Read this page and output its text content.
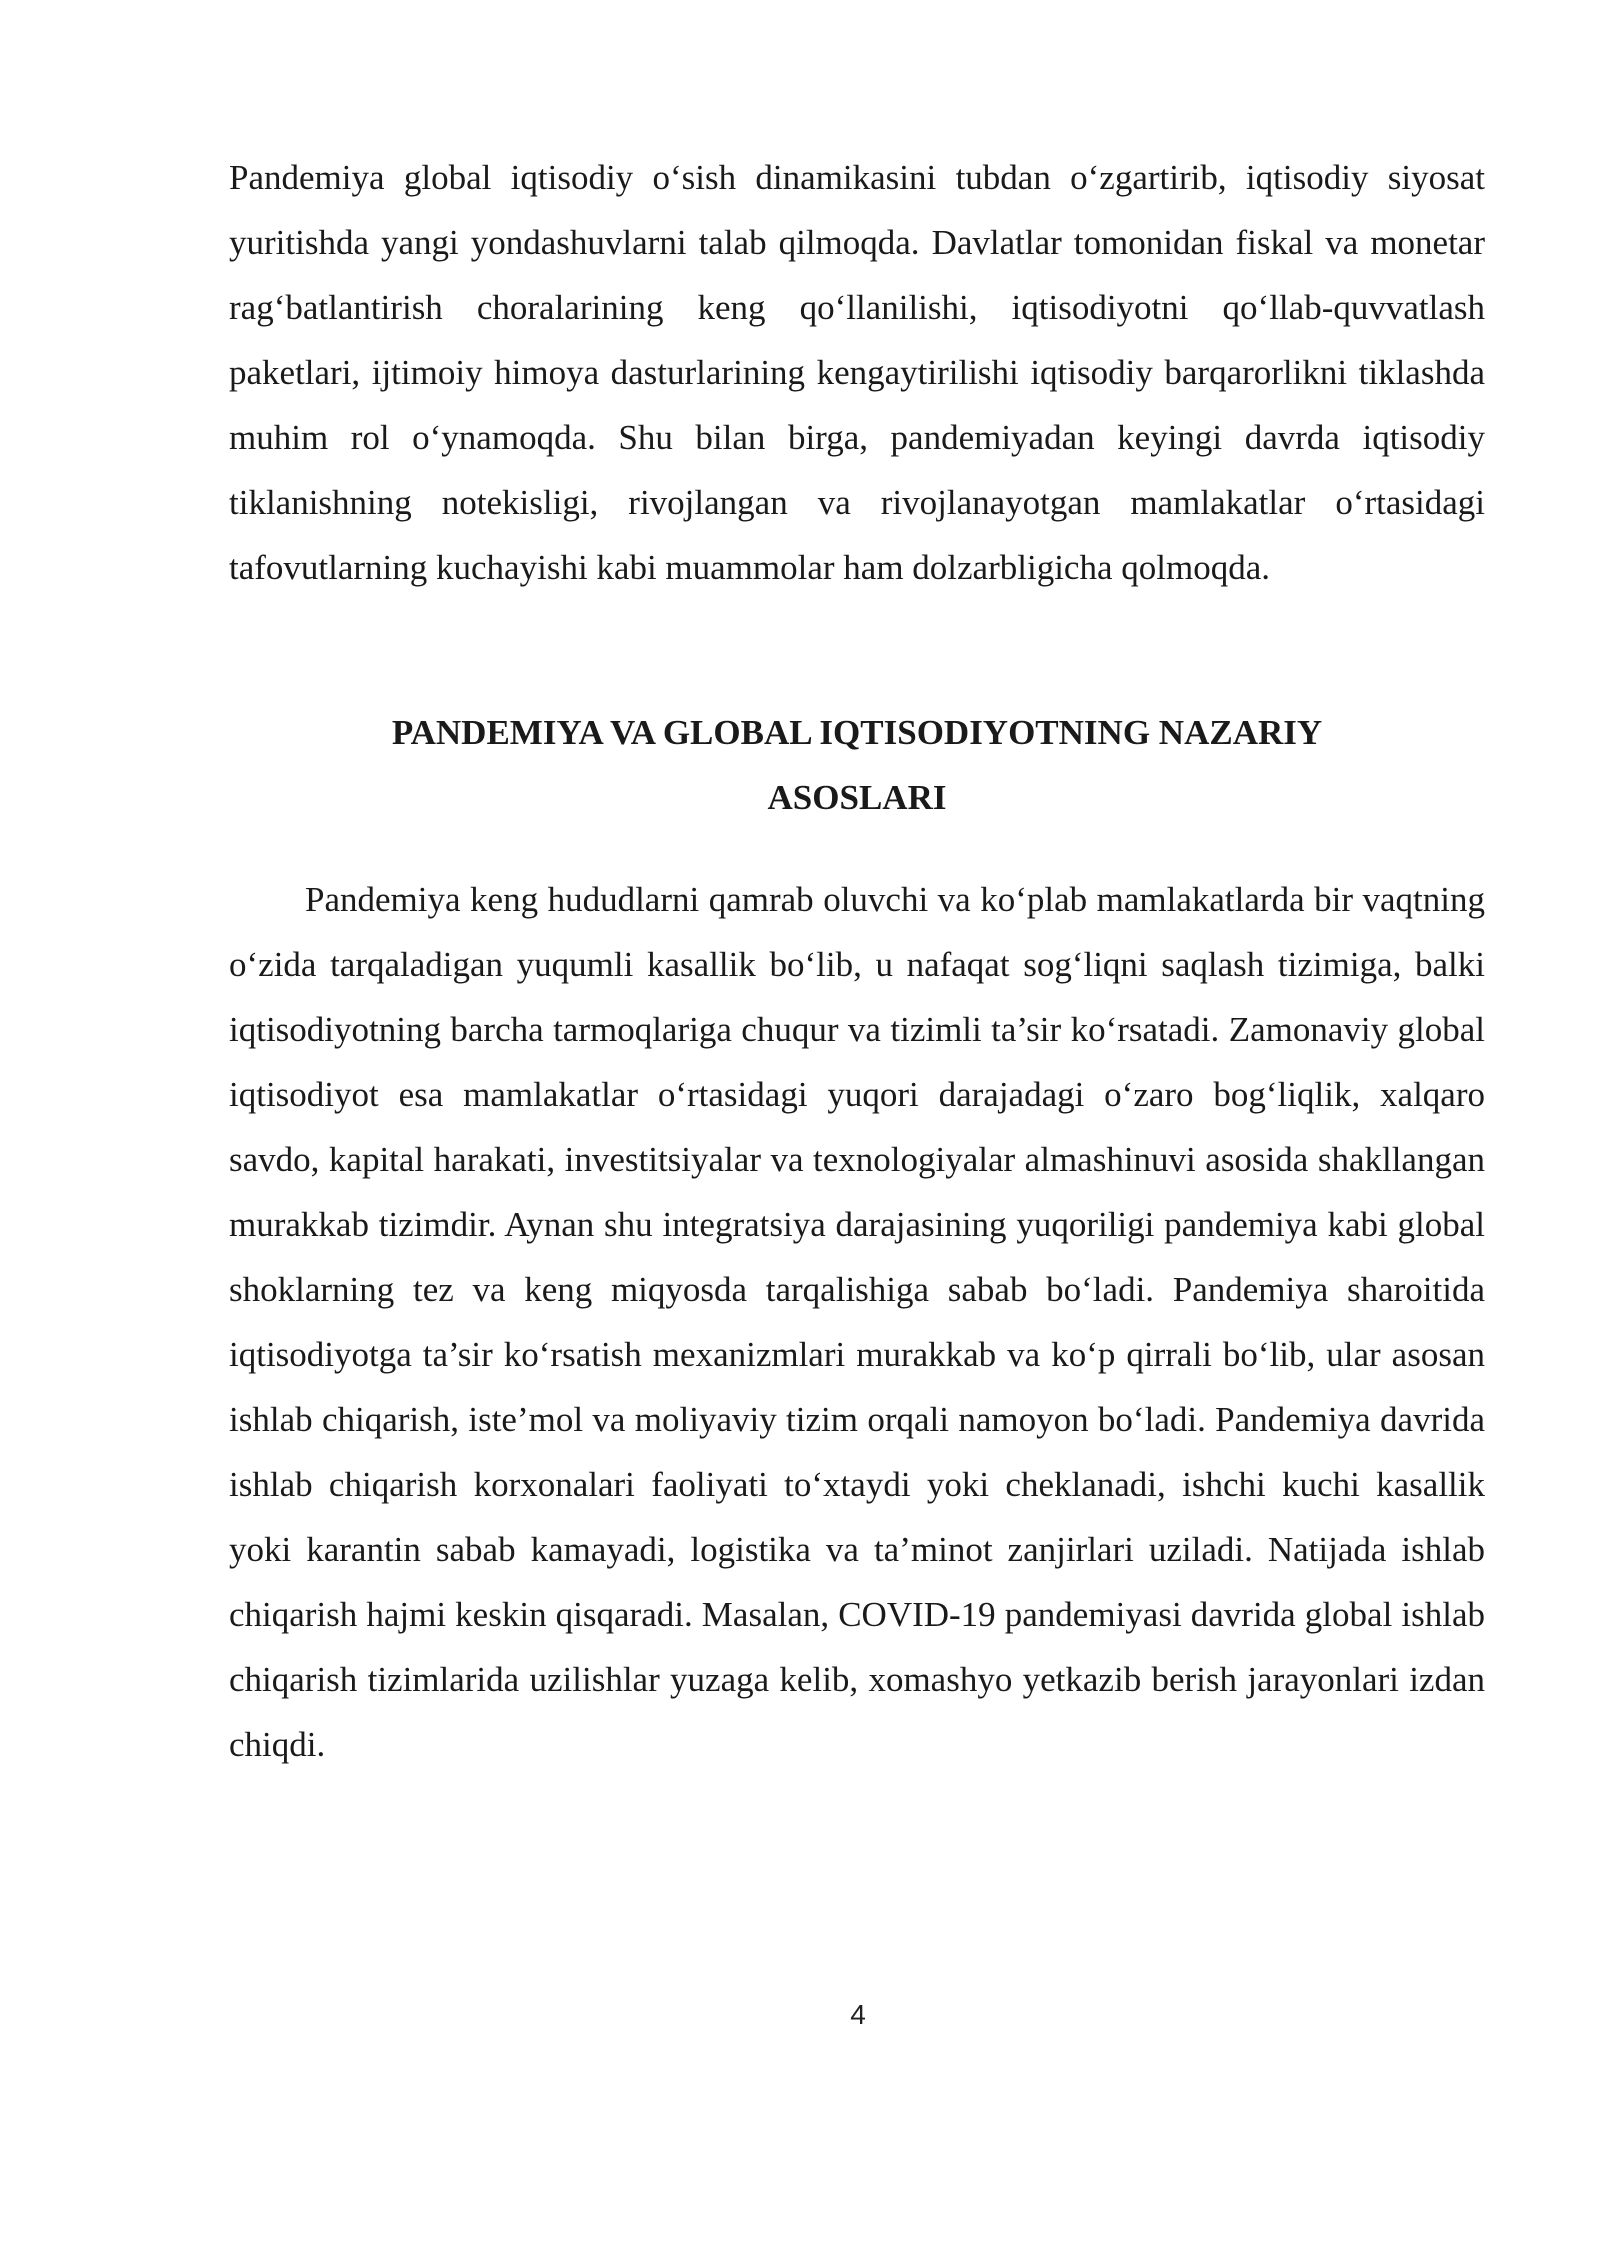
Pandemiya global iqtisodiy o‘sish dinamikasini tubdan o‘zgartirib, iqtisodiy siyosat yuritishda yangi yondashuvlarni talab qilmoqda. Davlatlar tomonidan fiskal va monetar rag‘batlantirish choralarining keng qo‘llanilishi, iqtisodiyotni qo‘llab-quvvatlash paketlari, ijtimoiy himoya dasturlarining kengaytirilishi iqtisodiy barqarorlikni tiklashda muhim rol o‘ynamoqda. Shu bilan birga, pandemiyadan keyingi davrda iqtisodiy tiklanishning notekisligi, rivojlangan va rivojlanayotgan mamlakatlar o‘rtasidagi tafovutlarning kuchayishi kabi muammolar ham dolzarbligicha qolmoqda.

PANDEMIYA VA GLOBAL IQTISODIYOTNING NAZARIY
ASOSLARI

Pandemiya keng hududlarni qamrab oluvchi va ko‘plab mamlakatlarda bir vaqtning o‘zida tarqaladigan yuqumli kasallik bo‘lib, u nafaqat sog‘liqni saqlash tizimiga, balki iqtisodiyotning barcha tarmoqlariga chuqur va tizimli ta’sir ko‘rsatadi. Zamonaviy global iqtisodiyot esa mamlakatlar o‘rtasidagi yuqori darajadagi o‘zaro bog‘liqlik, xalqaro savdo, kapital harakati, investitsiyalar va texnologiyalar almashinuvi asosida shakllangan murakkab tizimdir. Aynan shu integratsiya darajasining yuqoriligi pandemiya kabi global shoklarning tez va keng miqyosda tarqalishiga sabab bo‘ladi. Pandemiya sharoitida iqtisodiyotga ta’sir ko‘rsatish mexanizmlari murakkab va ko‘p qirrali bo‘lib, ular asosan ishlab chiqarish, iste’mol va moliyaviy tizim orqali namoyon bo‘ladi. Pandemiya davrida ishlab chiqarish korxonalari faoliyati to‘xtaydi yoki cheklanadi, ishchi kuchi kasallik yoki karantin sabab kamayadi, logistika va ta’minot zanjirlari uziladi. Natijada ishlab chiqarish hajmi keskin qisqaradi. Masalan, COVID-19 pandemiyasi davrida global ishlab chiqarish tizimlarida uzilishlar yuzaga kelib, xomashyo yetkazib berish jarayonlari izdan chiqdi.

4
